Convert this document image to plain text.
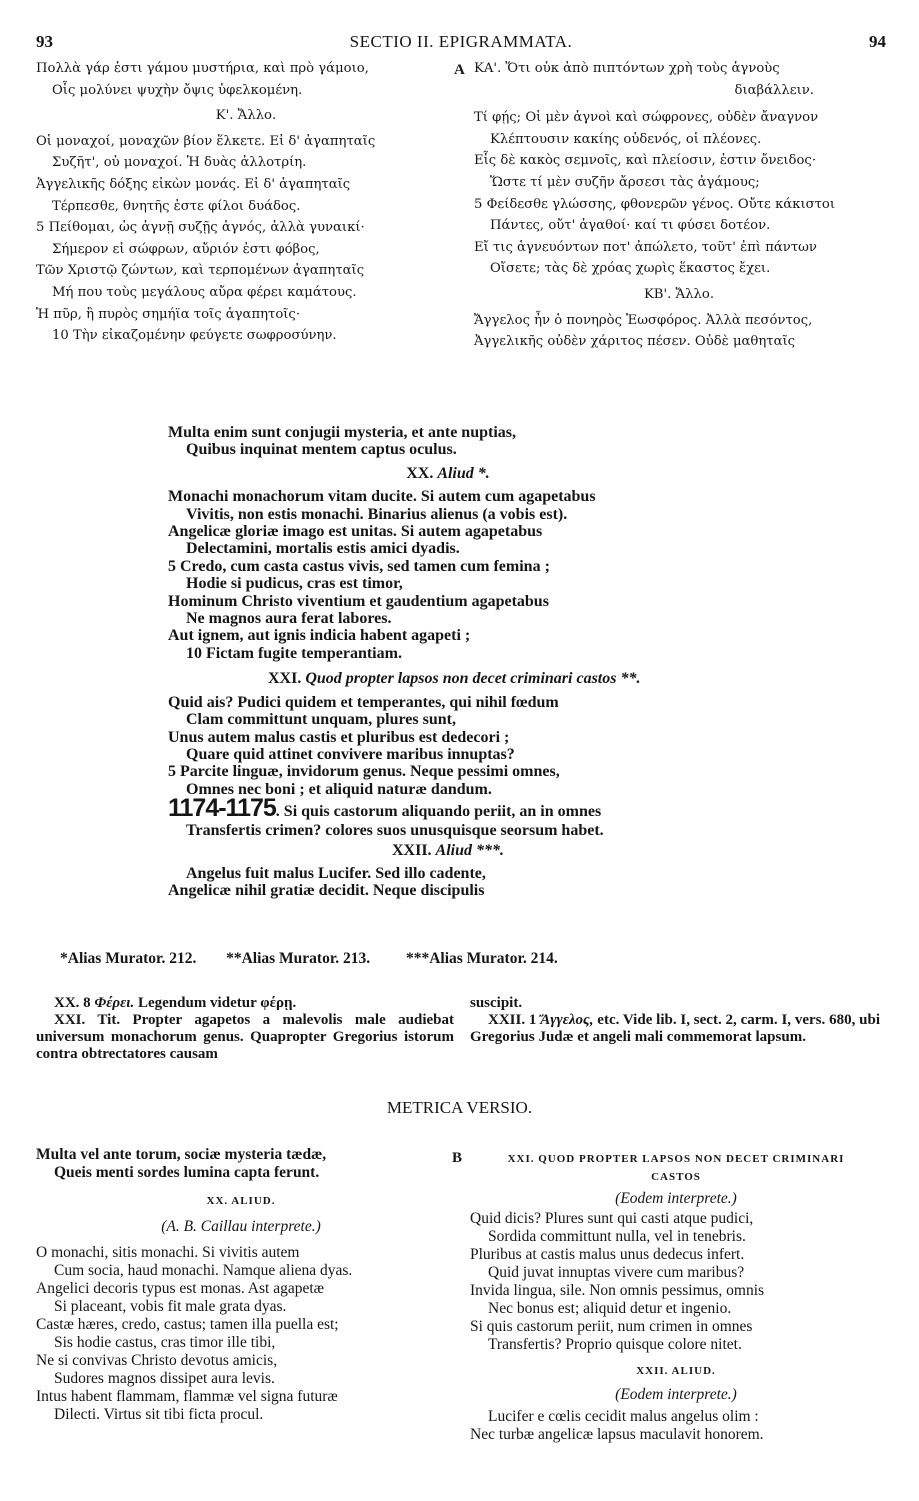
93	SECTIO II. EPIGRAMMATA.	94
Πολλὰ γάρ ἐστι γάμου μυστήρια, καὶ πρὸ γάμοιο,
Οἷς μολύνει ψυχὴν ὄψις ὑφελκομένη.
Κ'. Ἄλλο.
Οἱ μοναχοί, μοναχῶν βίον ἕλκετε. Εἰ δ' ἀγαπηταῖς
Συζῆτ', οὐ μοναχοί. Ἡ δυὰς ἀλλοτρίη.
Ἀγγελικῆς δόξης εἰκὼν μονάς. Εἰ δ' ἀγαπηταῖς
Τέρπεσθε, θνητῆς ἐστε φίλοι δυάδος.
5 Πείθομαι, ὡς ἁγνῇ συζῇς ἁγνός, ἀλλὰ γυναικί·
Σήμερον εἰ σώφρων, αὔριόν ἐστι φόβος,
Τῶν Χριστῷ ζώντων, καὶ τερπομένων ἀγαπηταῖς
Μή που τοὺς μεγάλους αὔρα φέρει καμάτους.
Ἡ πῦρ, ἢ πυρὸς σημήϊα τοῖς ἀγαπητοῖς·
10 Τὴν εἰκαζομένην φεύγετε σωφροσύνην.
A ΚΑ'. Ὅτι οὐκ ἀπὸ πιπτόντων χρὴ τοὺς ἁγνοὺς
διαβάλλειν.
Τί φῄς; Οἱ μὲν ἁγνοὶ καὶ σώφρονες, οὐδὲν ἄναγνον
Κλέπτουσιν κακίης οὐδενός, οἱ πλέονες.
Εἷς δὲ κακὸς σεμνοῖς, καὶ πλείοσιν, ἐστιν ὄνειδος·
Ὥστε τί μὲν συζῆν ἄρσεσι τὰς ἀγάμους;
5 Φείδεσθε γλώσσης, φθονερῶν γένος. Οὔτε κάκιστοι
Πάντες, οὔτ' ἀγαθοί· καί τι φύσει δοτέον.
Εἴ τις ἁγνευόντων ποτ' ἀπώλετο, τοῦτ' ἐπὶ πάντων
Οἴσετε; τὰς δὲ χρόας χωρὶς ἕκαστος ἔχει.
ΚΒ'. Ἄλλο.
Ἄγγελος ἦν ὁ πονηρὸς Ἑωσφόρος. Ἀλλὰ πεσόντος,
Ἀγγελικῆς οὐδὲν χάριτος πέσεν. Οὐδὲ μαθηταῖς
Multa enim sunt conjugii mysteria, et ante nuptias,
Quibus inquinat mentem captus oculus.
XX. Aliud *.
Monachi monachorum vitam ducite. Si autem cum agapetabus
Vivitis, non estis monachi. Binarius alienus (a vobis est).
Angelicæ gloriæ imago est unitas. Si autem agapetabus
Delectamini, mortalis estis amici dyadis.
5 Credo, cum casta castus vivis, sed tamen cum femina ;
Hodie si pudicus, cras est timor,
Hominum Christo viventium et gaudentium agapetabus
Ne magnos aura ferat labores.
Aut ignem, aut ignis indicia habent agapeti ;
10 Fictam fugite temperantiam.
XXI. Quod propter lapsos non decet criminari castos **.
Quid ais? Pudici quidem et temperantes, qui nihil fœdum
Clam committunt unquam, plures sunt,
Unus autem malus castis et pluribus est dedecori ;
Quare quid attinet convivere maribus innuptas?
5 Parcite linguæ, invidorum genus. Neque pessimi omnes,
Omnes nec boni ; et aliquid naturæ dandum.
1174-1175. Si quis castorum aliquando periit, an in omnes
Transfertis crimen? colores suos unusquisque seorsum habet.
XXII. Aliud ***.
Angelus fuit malus Lucifer. Sed illo cadente,
Angelicæ nihil gratiæ decidit. Neque discipulis
*Alias Murator. 212. **Alias Murator. 213. ***Alias Murator. 214.

XX. 8 Φέρει. Legendum videtur φέρῃ.

XXI. Tit. Propter agapetos a malevolis male audiebat universum monachorum genus. Quapropter Gregorius istorum contra obtrectatores causam

suscipit.

XXII. 1 Ἄγγελος, etc. Vide lib. I, sect. 2, carm. I, vers. 680, ubi Gregorius Judæ et angeli mali commemorat lapsum.

METRICA VERSIO.
Multa vel ante torum, sociæ mysteria tædæ,
Queis menti sordes lumina capta ferunt.
XX. ALIUD.
(A. B. Caillau interprete.)
O monachi, sitis monachi. Si vivitis autem
Cum socia, haud monachi. Namque aliena dyas.
Angelici decoris typus est monas. Ast agapetæ
Si placeant, vobis fit male grata dyas.
Castæ hæres, credo, castus; tamen illa puella est;
Sis hodie castus, cras timor ille tibi,
Ne si convivas Christo devotus amicis,
Sudores magnos dissipet aura levis.
Intus habent flammam, flammæ vel signa futuræ
Dilecti. Virtus sit tibi ficta procul.
B	XXI. QUOD PROPTER LAPSOS NON DECET CRIMINARI
CASTOS
(Eodem interprete.)
Quid dicis? Plures sunt qui casti atque pudici,
Sordida committunt nulla, vel in tenebris.
Pluribus at castis malus unus dedecus infert.
Quid juvat innuptas vivere cum maribus?
Invida lingua, sile. Non omnis pessimus, omnis
Nec bonus est; aliquid detur et ingenio.
Si quis castorum periit, num crimen in omnes
Transfertis? Proprio quisque colore nitet.
XXII. ALIUD.
(Eodem interprete.)
Lucifer e cœlis cecidit malus angelus olim :
Nec turbæ angelicæ lapsus maculavit honorem.
